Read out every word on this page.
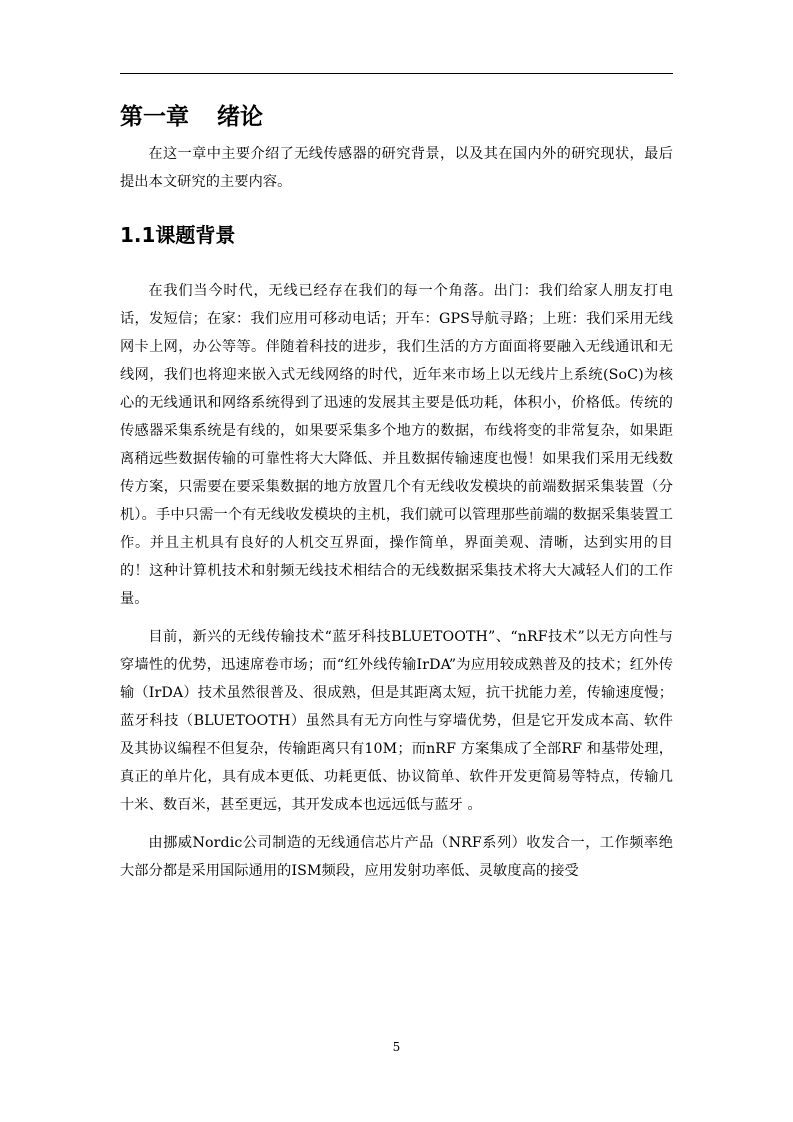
第一章 绪论

在这一章中主要介绍了无线传感器的研究背景，以及其在国内外的研究现状，最后提出本文研究的主要内容。

1.1课题背景

在我们当今时代，无线已经存在我们的每一个角落。出门：我们给家人朋友打电话，发短信；在家：我们应用可移动电话；开车：GPS导航寻路；上班：我们采用无线网卡上网，办公等等。伴随着科技的进步，我们生活的方方面面将要融入无线通讯和无线网，我们也将迎来嵌入式无线网络的时代，近年来市场上以无线片上系统(SoC)为核心的无线通讯和网络系统得到了迅速的发展其主要是低功耗，体积小，价格低。传统的传感器采集系统是有线的，如果要采集多个地方的数据，布线将变的非常复杂，如果距离稍远些数据传输的可靠性将大大降低、并且数据传输速度也慢！如果我们采用无线数传方案，只需要在要采集数据的地方放置几个有无线收发模块的前端数据采集装置（分机）。手中只需一个有无线收发模块的主机，我们就可以管理那些前端的数据采集装置工作。并且主机具有良好的人机交互界面，操作简单，界面美观、清晰，达到实用的目的！这种计算机技术和射频无线技术相结合的无线数据采集技术将大大减轻人们的工作量。

目前，新兴的无线传输技术“蓝牙科技BLUETOOTH”、“nRF技术”以无方向性与穿墙性的优势，迅速席卷市场；而“红外线传输IrDA”为应用较成熟普及的技术；红外传输（IrDA）技术虽然很普及、很成熟，但是其距离太短，抗干扰能力差，传输速度慢；蓝牙科技（BLUETOOTH）虽然具有无方向性与穿墙优势，但是它开发成本高、软件及其协议编程不但复杂，传输距离只有10M；而nRF 方案集成了全部RF 和基带处理，真正的单片化，具有成本更低、功耗更低、协议简单、软件开发更简易等特点，传输几十米、数百米，甚至更远，其开发成本也远远低与蓝牙 。

由挪威Nordic公司制造的无线通信芯片产品（NRF系列）收发合一，工作频率绝大部分都是采用国际通用的ISM频段，应用发射功率低、灵敏度高的接受

5
